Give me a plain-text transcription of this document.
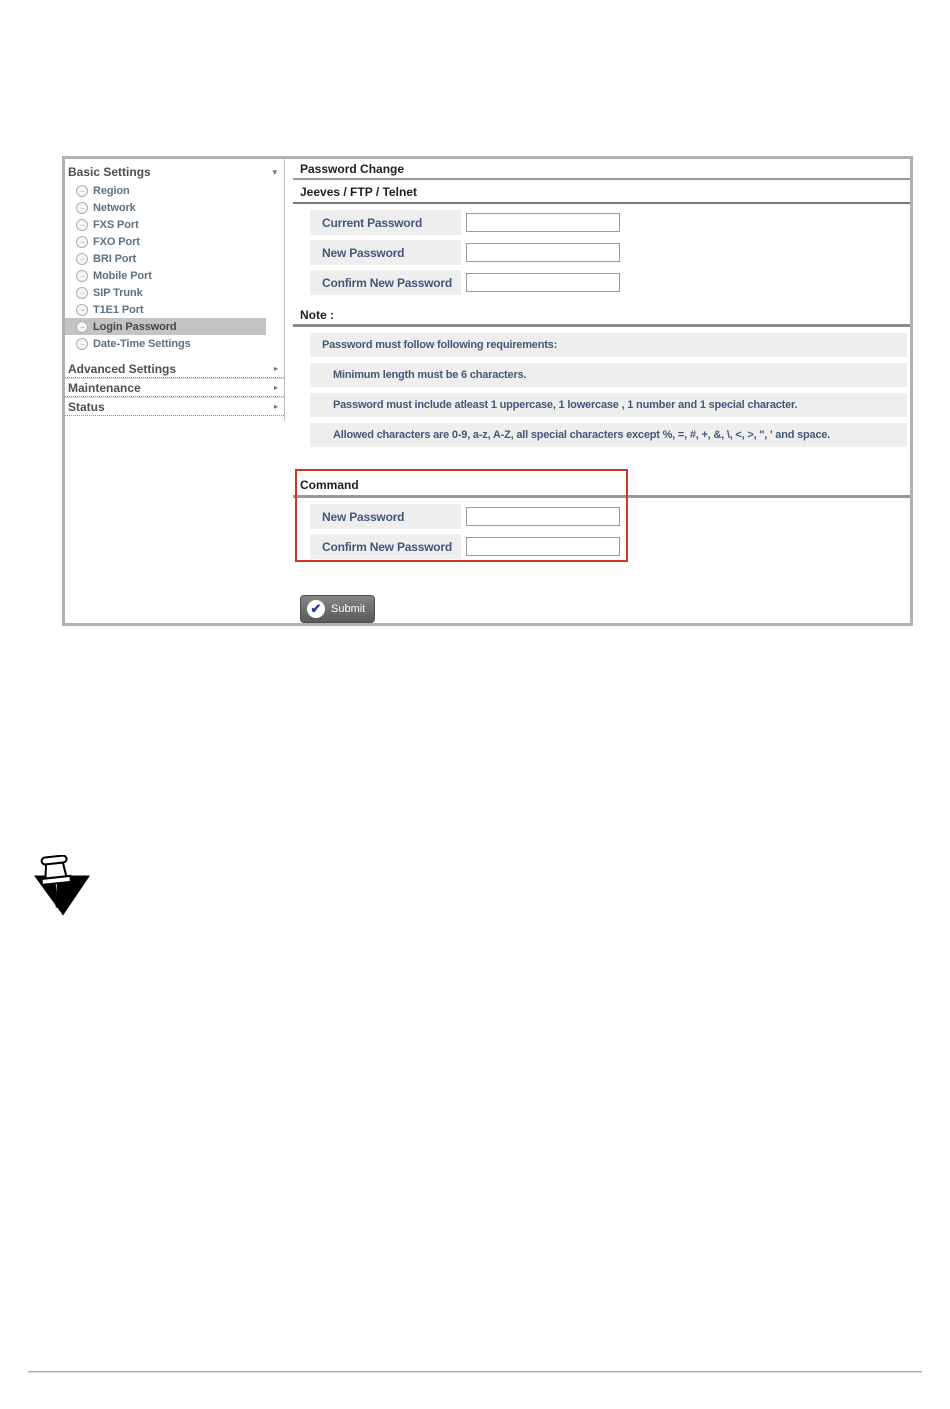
Basic Settings	▾
→ Region
→ Network
→ FXS Port
→ FXO Port
→ BRI Port
→ Mobile Port
→ SIP Trunk
→ T1E1 Port
→ Login Password
→ Date-Time Settings
Advanced Settings	▸
Maintenance	▸
Status	▸
Password Change
Jeeves / FTP / Telnet
Current Password
New Password
Confirm New Password
Note :
Password must follow following requirements:
Minimum length must be 6 characters.
Password must include atleast 1 uppercase, 1 lowercase , 1 number and 1 special character.
Allowed characters are 0-9, a-z, A-Z, all special characters except %, =, #, +, &, \, <, >, ", ' and space.
Command
New Password
Confirm New Password
✔ Submit
